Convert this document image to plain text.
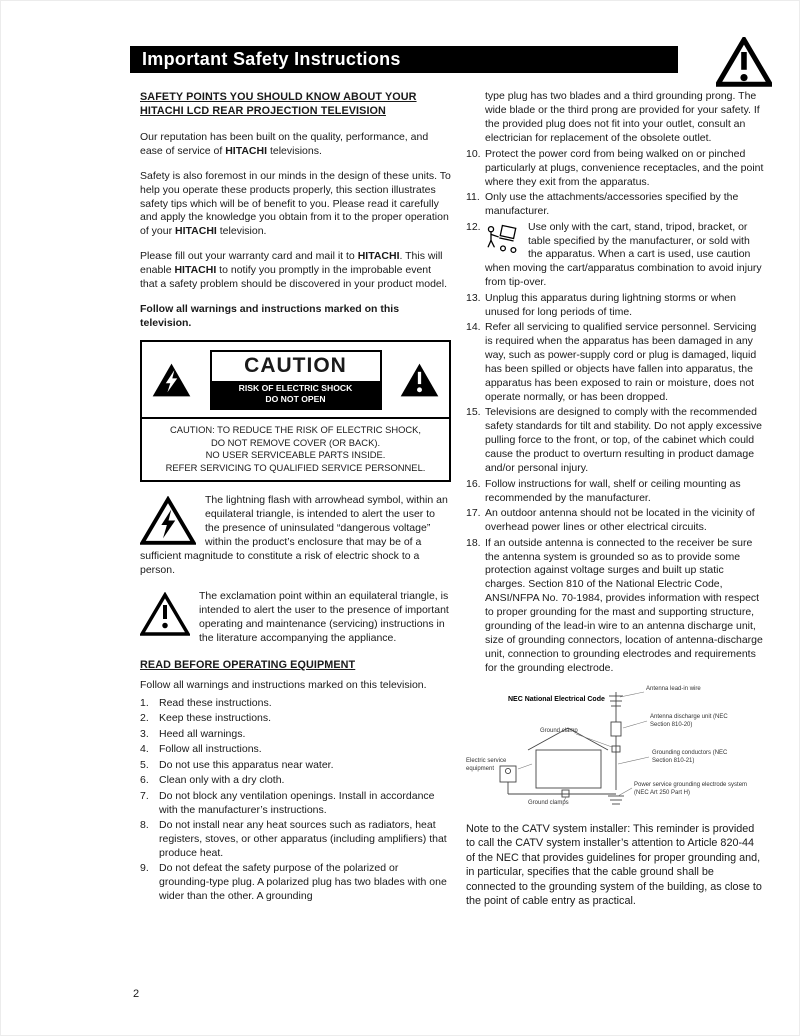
Important Safety Instructions
SAFETY POINTS YOU SHOULD KNOW ABOUT YOUR HITACHI LCD REAR PROJECTION TELEVISION

Our reputation has been built on the quality, performance, and ease of service of HITACHI televisions.

Safety is also foremost in our minds in the design of these units. To help you operate these products properly, this section illustrates safety tips which will be of benefit to you. Please read it carefully and apply the knowledge you obtain from it to the proper operation of your HITACHI television.

Please fill out your warranty card and mail it to HITACHI. This will enable HITACHI to notify you promptly in the improbable event that a safety problem should be discovered in your product model.

Follow all warnings and instructions marked on this television.

CAUTION
RISK OF ELECTRIC SHOCK
DO NOT OPEN
CAUTION: TO REDUCE THE RISK OF ELECTRIC SHOCK,
DO NOT REMOVE COVER (OR BACK).
NO USER SERVICEABLE PARTS INSIDE.
REFER SERVICING TO QUALIFIED SERVICE PERSONNEL.
The lightning flash with arrowhead symbol, within an equilateral triangle, is intended to alert the user to the presence of uninsulated “dangerous voltage” within the product’s enclosure that may be of a sufficient magnitude to constitute a risk of electric shock to a person.
The exclamation point within an equilateral triangle, is intended to alert the user to the presence of important operating and maintenance (servicing) instructions in the literature accompanying the appliance.
READ BEFORE OPERATING EQUIPMENT

Follow all warnings and instructions marked on this television.

1. Read these instructions.
2. Keep these instructions.
3. Heed all warnings.
4. Follow all instructions.
5. Do not use this apparatus near water.
6. Clean only with a dry cloth.
7. Do not block any ventilation openings. Install in accordance with the manufacturer’s instructions.
8. Do not install near any heat sources such as radiators, heat registers, stoves, or other apparatus (including amplifiers) that produce heat.
9. Do not defeat the safety purpose of the polarized or grounding-type plug. A polarized plug has two blades with one wider than the other. A grounding

type plug has two blades and a third grounding prong. The wide blade or the third prong are provided for your safety. If the provided plug does not fit into your outlet, consult an electrician for replacement of the obsolete outlet.

10. Protect the power cord from being walked on or pinched particularly at plugs, convenience receptacles, and the point where they exit from the apparatus.
11. Only use the attachments/accessories specified by the manufacturer.
12.	Use only with the cart, stand, tripod, bracket, or table specified by the manufacturer, or sold with the apparatus. When a cart is used, use caution when moving the cart/apparatus combination to avoid injury from tip-over.
13. Unplug this apparatus during lightning storms or when unused for long periods of time.
14. Refer all servicing to qualified service personnel. Servicing is required when the apparatus has been damaged in any way, such as power-supply cord or plug is damaged, liquid has been spilled or objects have fallen into apparatus, the apparatus has been exposed to rain or moisture, does not operate normally, or has been dropped.
15. Televisions are designed to comply with the recommended safety standards for tilt and stability. Do not apply excessive pulling force to the front, or top, of the cabinet which could cause the product to overturn resulting in product damage and/or personal injury.
16. Follow instructions for wall, shelf or ceiling mounting as recommended by the manufacturer.
17. An outdoor antenna should not be located in the vicinity of overhead power lines or other electrical circuits.
18. If an outside antenna is connected to the receiver be sure the antenna system is grounded so as to provide some protection against voltage surges and built up static charges. Section 810 of the National Electric Code, ANSI/NFPA No. 70-1984, provides information with respect to proper grounding for the mast and supporting structure, grounding of the lead-in wire to an antenna discharge unit, size of grounding connectors, location of antenna-discharge unit, connection to grounding electrodes and requirements for the grounding electrode.
NEC National Electrical Code
Antenna lead-in wire
Antenna discharge unit (NEC Section 810-20)
Ground clamp
Grounding conductors (NEC Section 810-21)
Electric service equipment
Power service grounding electrode system (NEC Art 250 Part H)
Ground clamps

Note to the CATV system installer: This reminder is provided to call the CATV system installer’s attention to Article 820-44 of the NEC that provides guidelines for proper grounding and, in particular, specifies that the cable ground shall be connected to the grounding system of the building, as close to the point of cable entry as practical.

2
